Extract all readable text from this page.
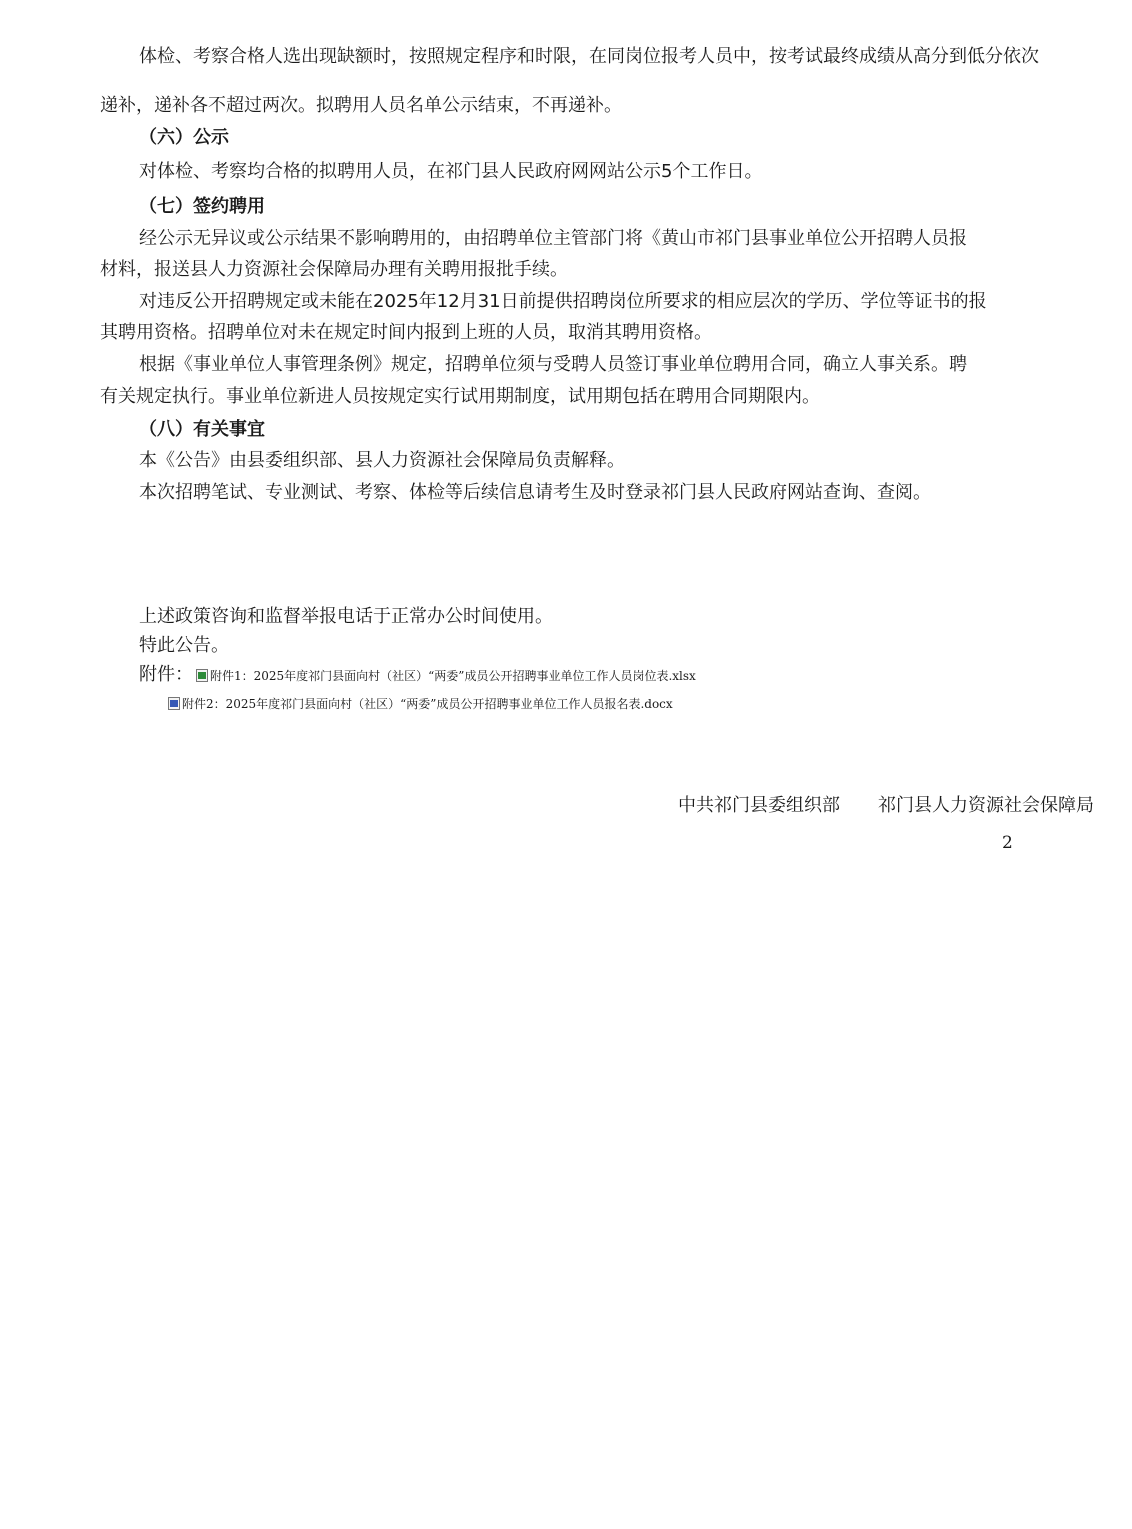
体检、考察合格人选出现缺额时，按照规定程序和时限，在同岗位报考人员中，按考试最终成绩从高分到低分依次
递补，递补各不超过两次。拟聘用人员名单公示结束，不再递补。
（六）公示
对体检、考察均合格的拟聘用人员，在祁门县人民政府网网站公示5个工作日。
（七）签约聘用
经公示无异议或公示结果不影响聘用的，由招聘单位主管部门将《黄山市祁门县事业单位公开招聘人员报
材料，报送县人力资源社会保障局办理有关聘用报批手续。
对违反公开招聘规定或未能在2025年12月31日前提供招聘岗位所要求的相应层次的学历、学位等证书的报
其聘用资格。招聘单位对未在规定时间内报到上班的人员，取消其聘用资格。
根据《事业单位人事管理条例》规定，招聘单位须与受聘人员签订事业单位聘用合同，确立人事关系。聘
有关规定执行。事业单位新进人员按规定实行试用期制度，试用期包括在聘用合同期限内。
（八）有关事宜
本《公告》由县委组织部、县人力资源社会保障局负责解释。
本次招聘笔试、专业测试、考察、体检等后续信息请考生及时登录祁门县人民政府网站查询、查阅。
上述政策咨询和监督举报电话于正常办公时间使用。
特此公告。
附件：	附件1：2025年度祁门县面向村（社区）“两委”成员公开招聘事业单位工作人员岗位表.xlsx
附件2：2025年度祁门县面向村（社区）“两委”成员公开招聘事业单位工作人员报名表.docx
中共祁门县委组织部 祁门县人力资源社会保障局
2
